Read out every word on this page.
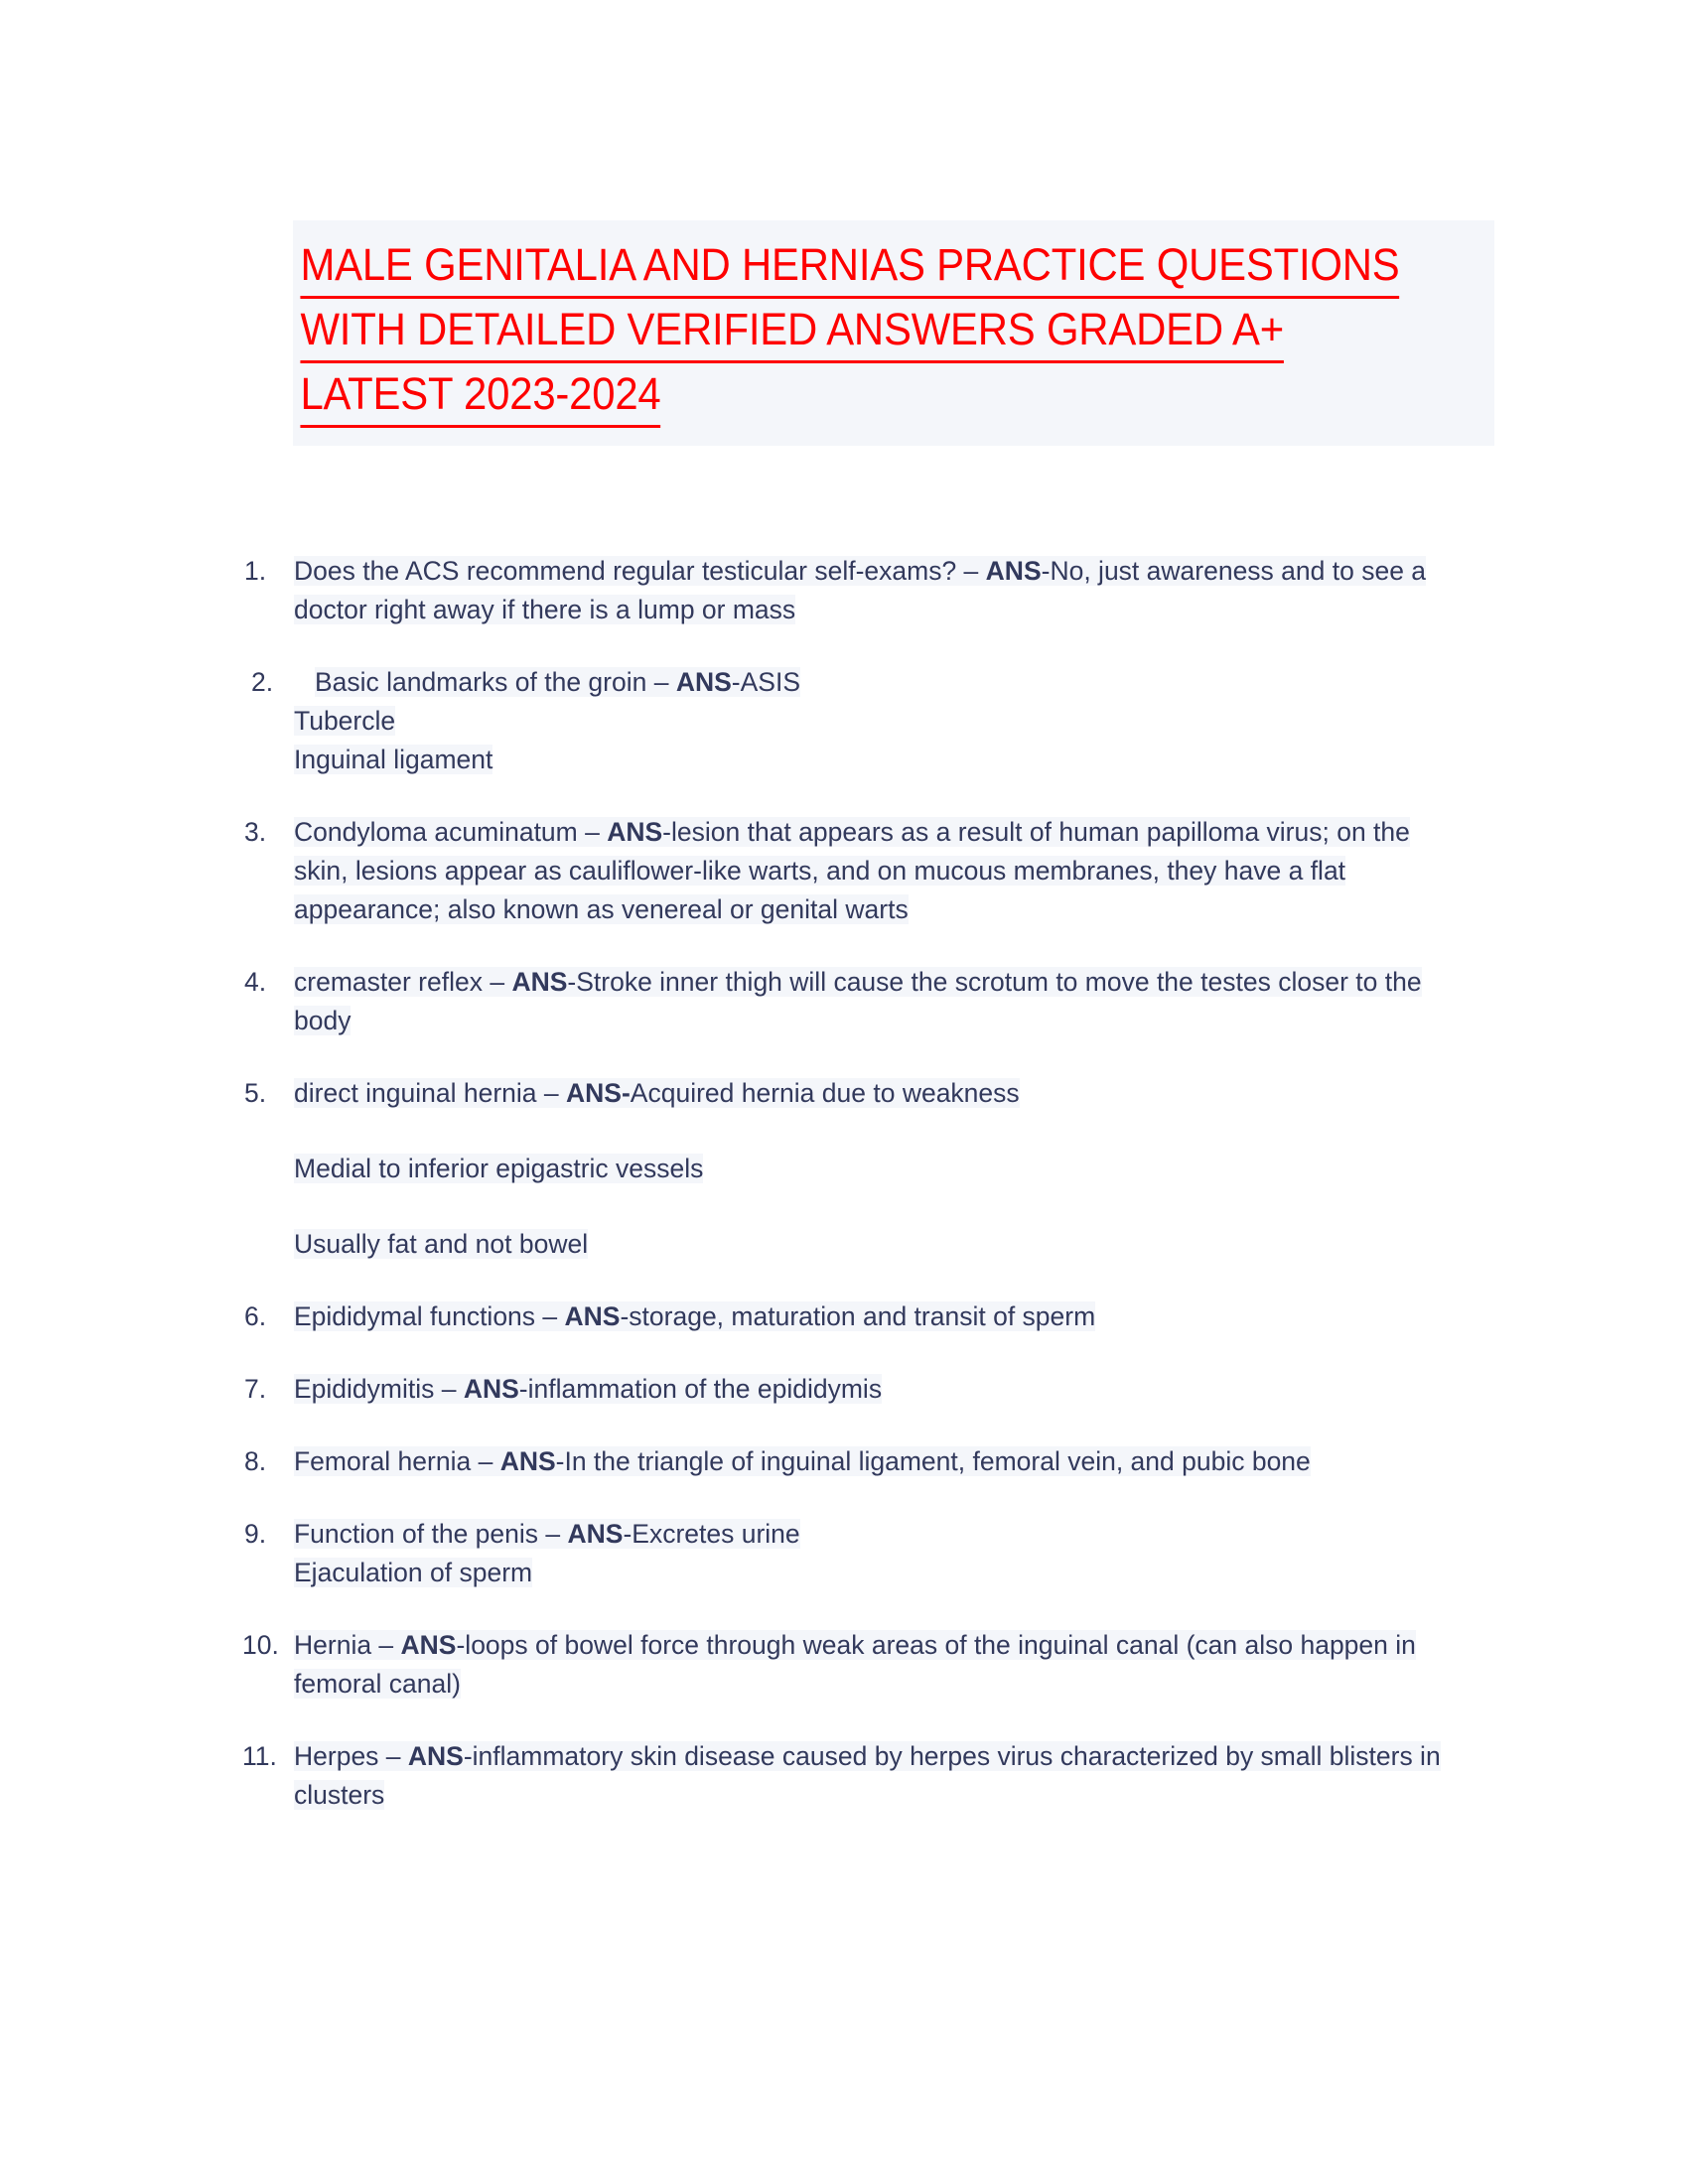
MALE GENITALIA AND HERNIAS PRACTICE QUESTIONS
WITH DETAILED VERIFIED ANSWERS GRADED A+
LATEST 2023-2024
1.	Does the ACS recommend regular testicular self-exams? – ANS-No, just awareness and to see a doctor right away if there is a lump or mass

2.	Basic landmarks of the groin – ANS-ASIS

Tubercle

Inguinal ligament

3.	Condyloma acuminatum – ANS-lesion that appears as a result of human papilloma virus; on the skin, lesions appear as cauliflower-like warts, and on mucous membranes, they have a flat appearance; also known as venereal or genital warts

4.	cremaster reflex – ANS-Stroke inner thigh will cause the scrotum to move the testes closer to the body

5.	direct inguinal hernia – ANS-Acquired hernia due to weakness

Medial to inferior epigastric vessels

Usually fat and not bowel

6.	Epididymal functions – ANS-storage, maturation and transit of sperm

7.	Epididymitis – ANS-inflammation of the epididymis

8.	Femoral hernia – ANS-In the triangle of inguinal ligament, femoral vein, and pubic bone

9.	Function of the penis – ANS-Excretes urine

Ejaculation of sperm

10. Hernia – ANS-loops of bowel force through weak areas of the inguinal canal (can also happen in femoral canal)

11. Herpes – ANS-inflammatory skin disease caused by herpes virus characterized by small blisters in clusters
